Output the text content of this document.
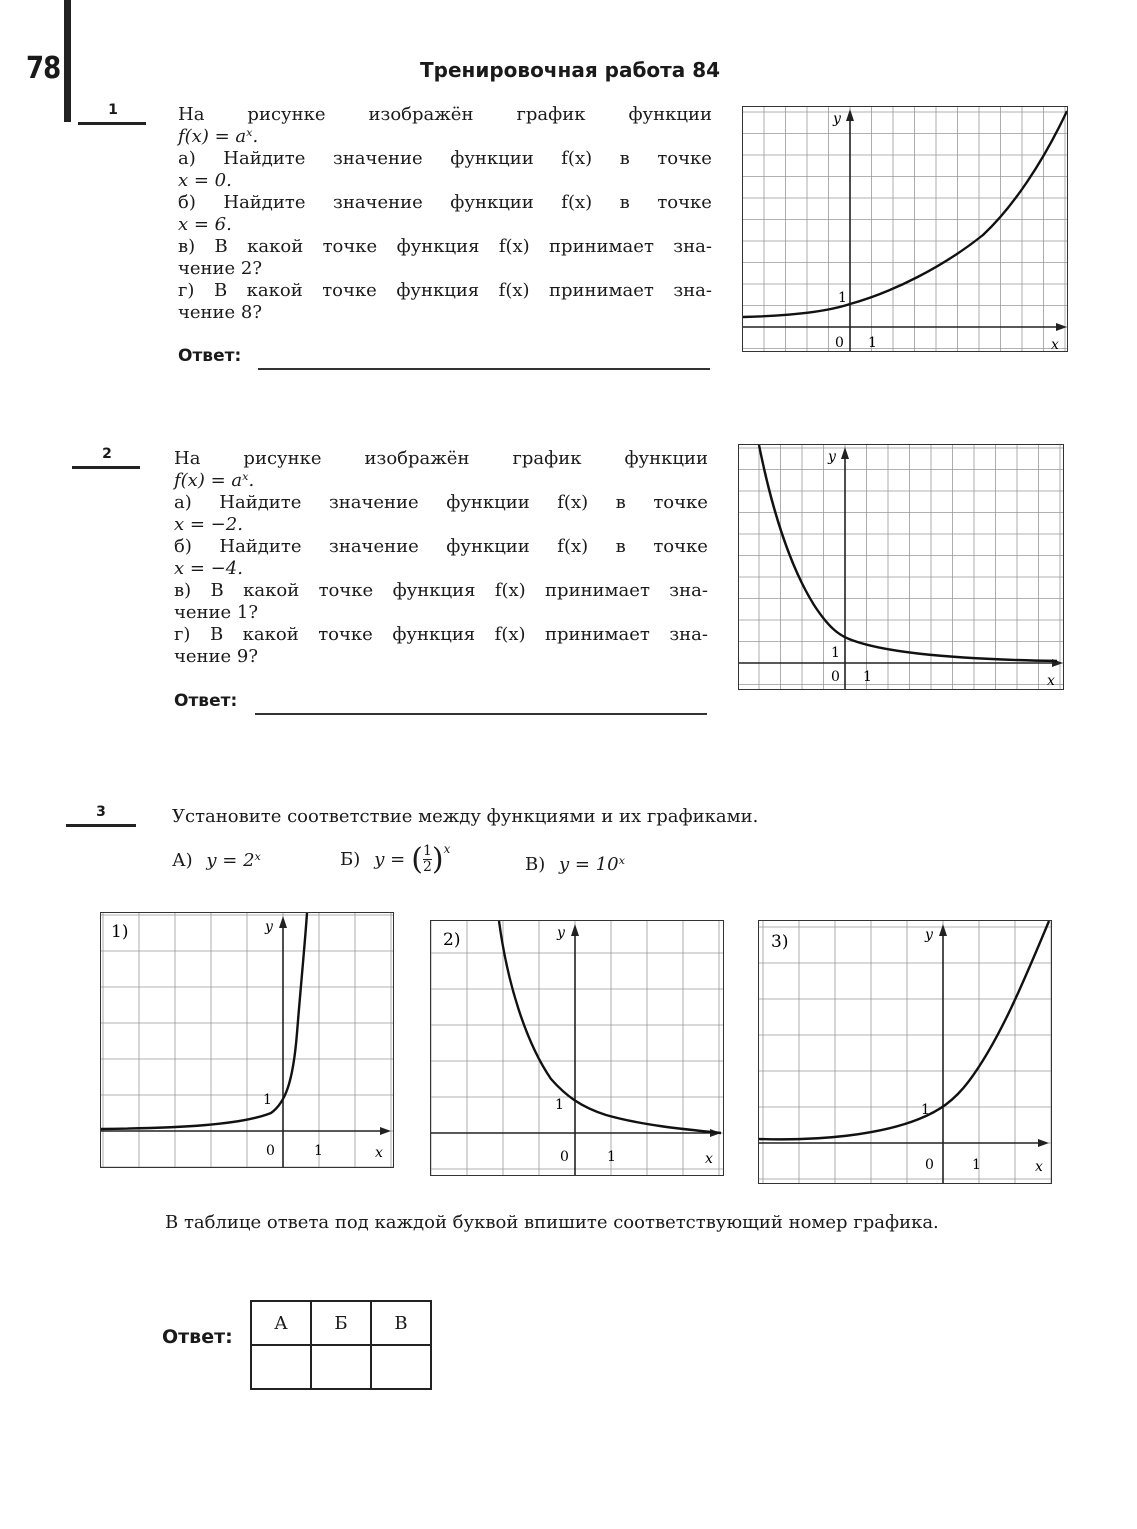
78	Тренировочная работа 84
1	На рисунке изображён график функции
f(x) = aˣ.
а) Найдите значение функции f(x) в точке
x = 0.
б) Найдите значение функции f(x) в точке
x = 6.
в) В какой точке функция f(x) принимает зна-
чение 2?
г) В какой точке функция f(x) принимает зна-
чение 8?
Ответ:
y
x
0 1
1
2	На рисунке изображён график функции
f(x) = aˣ.
а) Найдите значение функции f(x) в точке
x = −2.
б) Найдите значение функции f(x) в точке
x = −4.
в) В какой точке функция f(x) принимает зна-
чение 1?
г) В какой точке функция f(x) принимает зна-
чение 9?
Ответ:
y
x
0 1
1
3	Установите соответствие между функциями и их графиками.
А) y = 2ˣ	Б) y = ( $\frac{1}{2}$ ) x
В) y = 10ˣ
1)	y
x
0	1
1
2)	y
x
0	1
1
3)	y
x
0	1
1
В таблице ответа под каждой буквой впишите соответствующий номер графика.
Ответ:
А	Б	В
